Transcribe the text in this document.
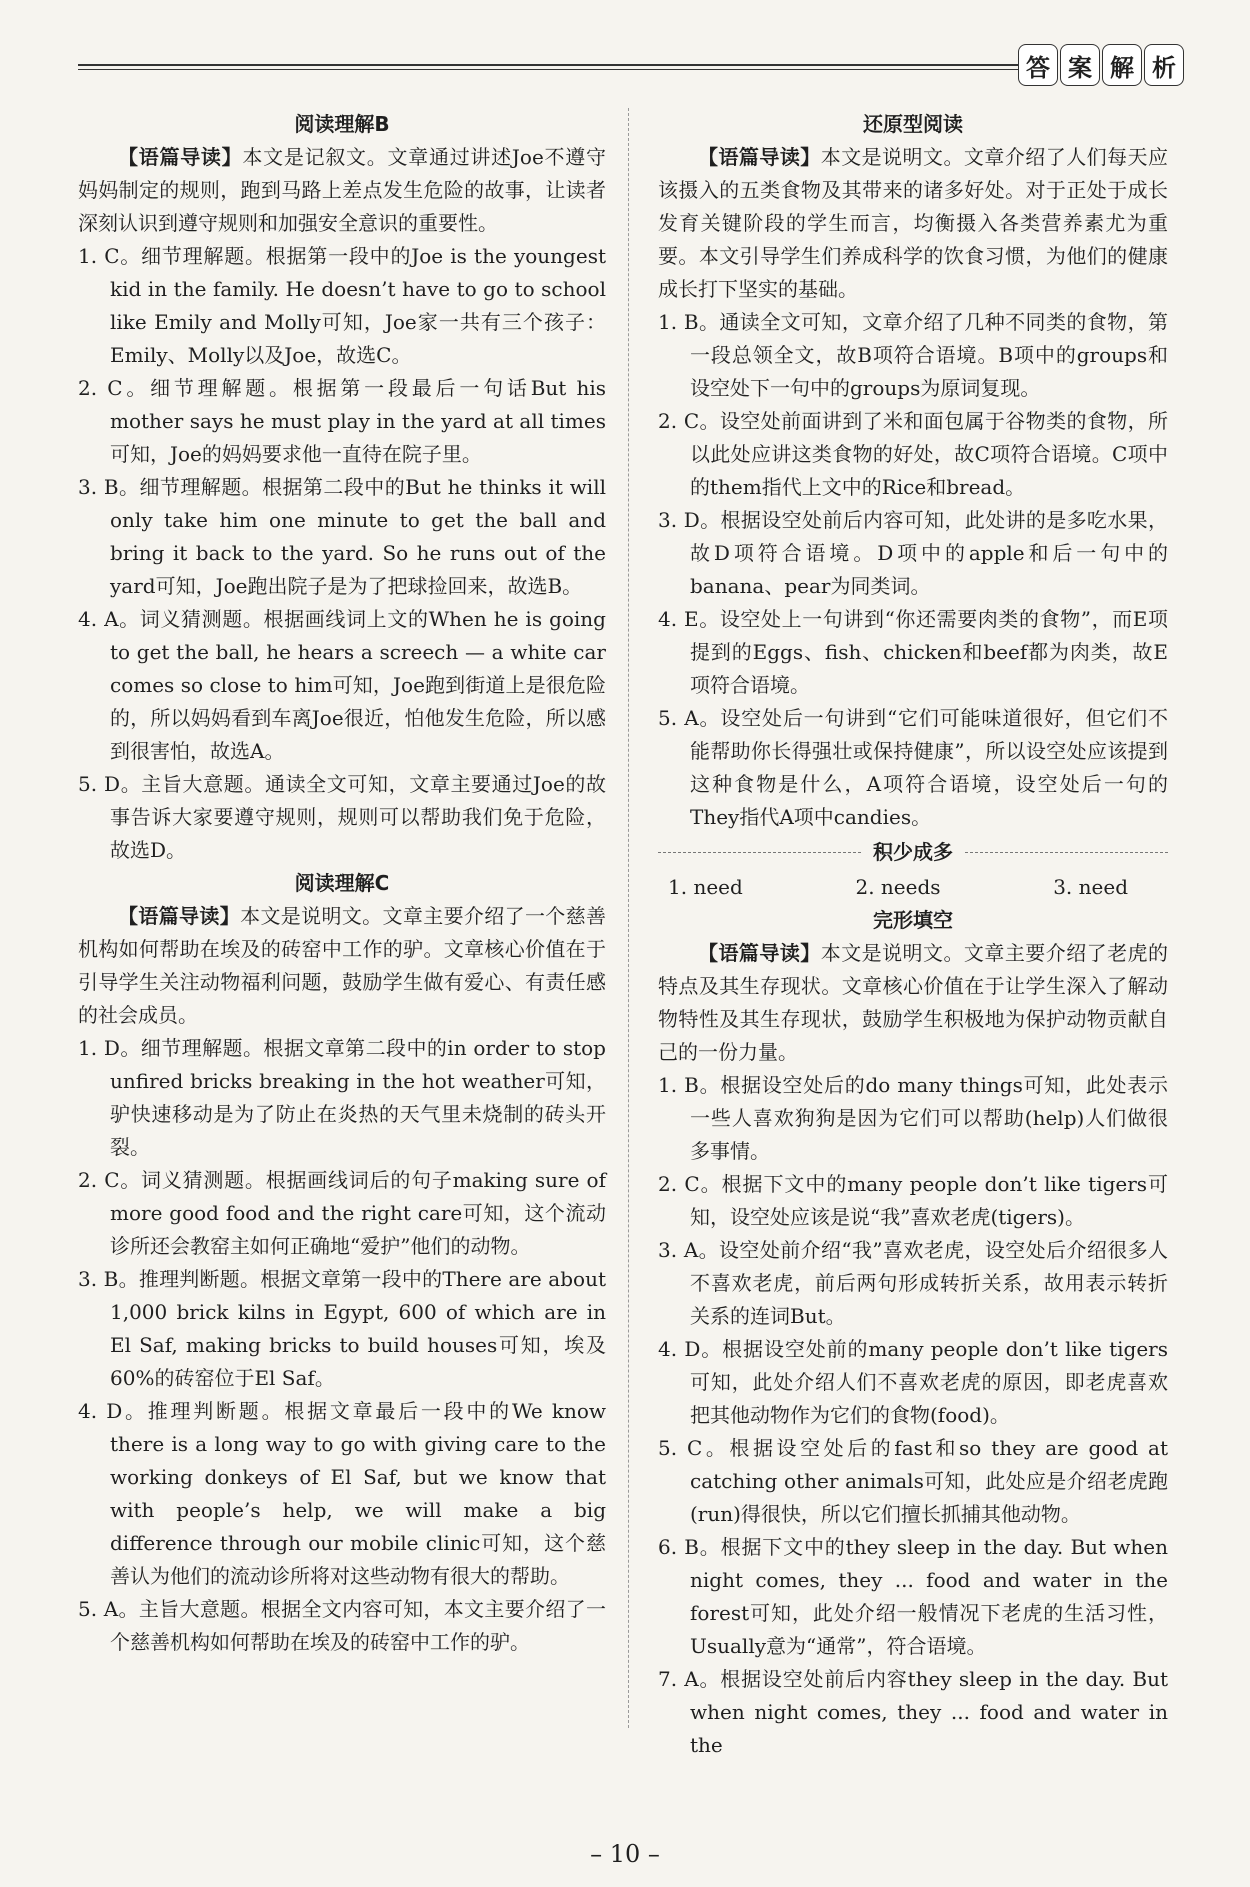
答 案 解 析

阅读理解B

【语篇导读】本文是记叙文。文章通过讲述Joe不遵守妈妈制定的规则，跑到马路上差点发生危险的故事，让读者深刻认识到遵守规则和加强安全意识的重要性。

1. C。细节理解题。根据第一段中的Joe is the youngest kid in the family. He doesn’t have to go to school like Emily and Molly可知，Joe家一共有三个孩子：Emily、Molly以及Joe，故选C。

2. C。细节理解题。根据第一段最后一句话But his mother says he must play in the yard at all times可知，Joe的妈妈要求他一直待在院子里。

3. B。细节理解题。根据第二段中的But he thinks it will only take him one minute to get the ball and bring it back to the yard. So he runs out of the yard可知，Joe跑出院子是为了把球捡回来，故选B。

4. A。词义猜测题。根据画线词上文的When he is going to get the ball, he hears a screech — a white car comes so close to him可知，Joe跑到街道上是很危险的，所以妈妈看到车离Joe很近，怕他发生危险，所以感到很害怕，故选A。

5. D。主旨大意题。通读全文可知，文章主要通过Joe的故事告诉大家要遵守规则，规则可以帮助我们免于危险，故选D。

阅读理解C

【语篇导读】本文是说明文。文章主要介绍了一个慈善机构如何帮助在埃及的砖窑中工作的驴。文章核心价值在于引导学生关注动物福利问题，鼓励学生做有爱心、有责任感的社会成员。

1. D。细节理解题。根据文章第二段中的in order to stop unfired bricks breaking in the hot weather可知，驴快速移动是为了防止在炎热的天气里未烧制的砖头开裂。

2. C。词义猜测题。根据画线词后的句子making sure of more good food and the right care可知，这个流动诊所还会教窑主如何正确地“爱护”他们的动物。

3. B。推理判断题。根据文章第一段中的There are about 1,000 brick kilns in Egypt, 600 of which are in El Saf, making bricks to build houses可知，埃及60%的砖窑位于El Saf。

4. D。推理判断题。根据文章最后一段中的We know there is a long way to go with giving care to the working donkeys of El Saf, but we know that with people’s help, we will make a big difference through our mobile clinic可知，这个慈善认为他们的流动诊所将对这些动物有很大的帮助。

5. A。主旨大意题。根据全文内容可知，本文主要介绍了一个慈善机构如何帮助在埃及的砖窑中工作的驴。

还原型阅读

【语篇导读】本文是说明文。文章介绍了人们每天应该摄入的五类食物及其带来的诸多好处。对于正处于成长发育关键阶段的学生而言，均衡摄入各类营养素尤为重要。本文引导学生们养成科学的饮食习惯，为他们的健康成长打下坚实的基础。

1. B。通读全文可知，文章介绍了几种不同类的食物，第一段总领全文，故B项符合语境。B项中的groups和设空处下一句中的groups为原词复现。

2. C。设空处前面讲到了米和面包属于谷物类的食物，所以此处应讲这类食物的好处，故C项符合语境。C项中的them指代上文中的Rice和bread。

3. D。根据设空处前后内容可知，此处讲的是多吃水果，故D项符合语境。D项中的apple和后一句中的banana、pear为同类词。

4. E。设空处上一句讲到“你还需要肉类的食物”，而E项提到的Eggs、fish、chicken和beef都为肉类，故E项符合语境。

5. A。设空处后一句讲到“它们可能味道很好，但它们不能帮助你长得强壮或保持健康”，所以设空处应该提到这种食物是什么，A项符合语境，设空处后一句的They指代A项中candies。

积少成多
1. need	2. needs	3. need

完形填空

【语篇导读】本文是说明文。文章主要介绍了老虎的特点及其生存现状。文章核心价值在于让学生深入了解动物特性及其生存现状，鼓励学生积极地为保护动物贡献自己的一份力量。

1. B。根据设空处后的do many things可知，此处表示一些人喜欢狗狗是因为它们可以帮助(help)人们做很多事情。

2. C。根据下文中的many people don’t like tigers可知，设空处应该是说“我”喜欢老虎(tigers)。

3. A。设空处前介绍“我”喜欢老虎，设空处后介绍很多人不喜欢老虎，前后两句形成转折关系，故用表示转折关系的连词But。

4. D。根据设空处前的many people don’t like tigers可知，此处介绍人们不喜欢老虎的原因，即老虎喜欢把其他动物作为它们的食物(food)。

5. C。根据设空处后的fast和so they are good at catching other animals可知，此处应是介绍老虎跑(run)得很快，所以它们擅长抓捕其他动物。

6. B。根据下文中的they sleep in the day. But when night comes, they ... food and water in the forest可知，此处介绍一般情况下老虎的生活习性，Usually意为“通常”，符合语境。

7. A。根据设空处前后内容they sleep in the day. But when night comes, they ... food and water in the

– 10 –
